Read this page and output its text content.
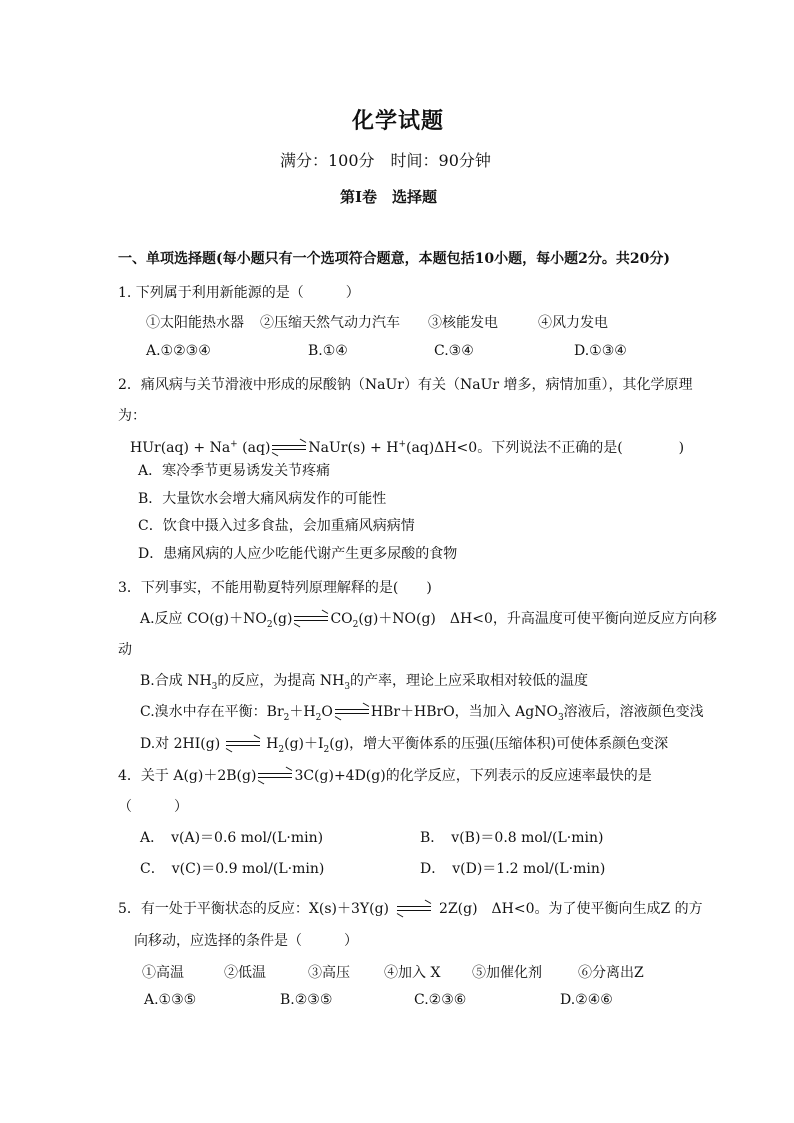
化学试题
满分：100分　时间：90分钟
第Ⅰ卷　选择题
一、单项选择题(每小题只有一个选项符合题意，本题包括10小题，每小题2分。共20分)
1. 下列属于利用新能源的是（　　　）
①太阳能热水器 ②压缩天然气动力汽车 ③核能发电	④风力发电
A.①②③④	B.①④	C.③④	D.①③④
2．痛风病与关节滑液中形成的尿酸钠（NaUr）有关（NaUr 增多，病情加重），其化学原理
为：
HUr(aq) + Na+ (aq)	NaUr(s) + H+(aq)ΔH<0。下列说法不正确的是(　　　　)
A．寒冷季节更易诱发关节疼痛
B．大量饮水会增大痛风病发作的可能性
C．饮食中摄入过多食盐，会加重痛风病病情
D．患痛风病的人应少吃能代谢产生更多尿酸的食物
3．下列事实，不能用勒夏特列原理解释的是(　　)
A.反应 $CO(g)+NO_2(g)$	$CO_2(g)+NO(g)$　ΔH<0，升高温度可使平衡向逆反应方向移
动
B.合成 $NH_3$的反应，为提高 $NH_3$的产率，理论上应采取相对较低的温度
C.溴水中存在平衡：$Br_2+H_2O$	HBr＋HBrO，当加入 AgNO$_3$溶液后，溶液颜色变浅
D.对 2HI(g)	$H_2(g)+I_2(g)$，增大平衡体系的压强(压缩体积)可使体系颜色变深
4．关于 A(g)＋2B(g)	3C(g)+4D(g)的化学反应，下列表示的反应速率最快的是
（　　　）
A．　v(A)＝0.6 mol/(L·min)	B．　v(B)＝0.8 mol/(L·min)
C．　v(C)＝0.9 mol/(L·min)	D．　v(D)＝1.2 mol/(L·min)
5．有一处于平衡状态的反应：X(s)＋3Y(g)	2Z(g)　ΔH<0。为了使平衡向生成Z 的方
向移动，应选择的条件是（　　　）
①高温	②低温	③高压 ④加入 X ⑤加催化剂	⑥分离出Z
A.①③⑤	B.②③⑤	C.②③⑥	D.②④⑥
